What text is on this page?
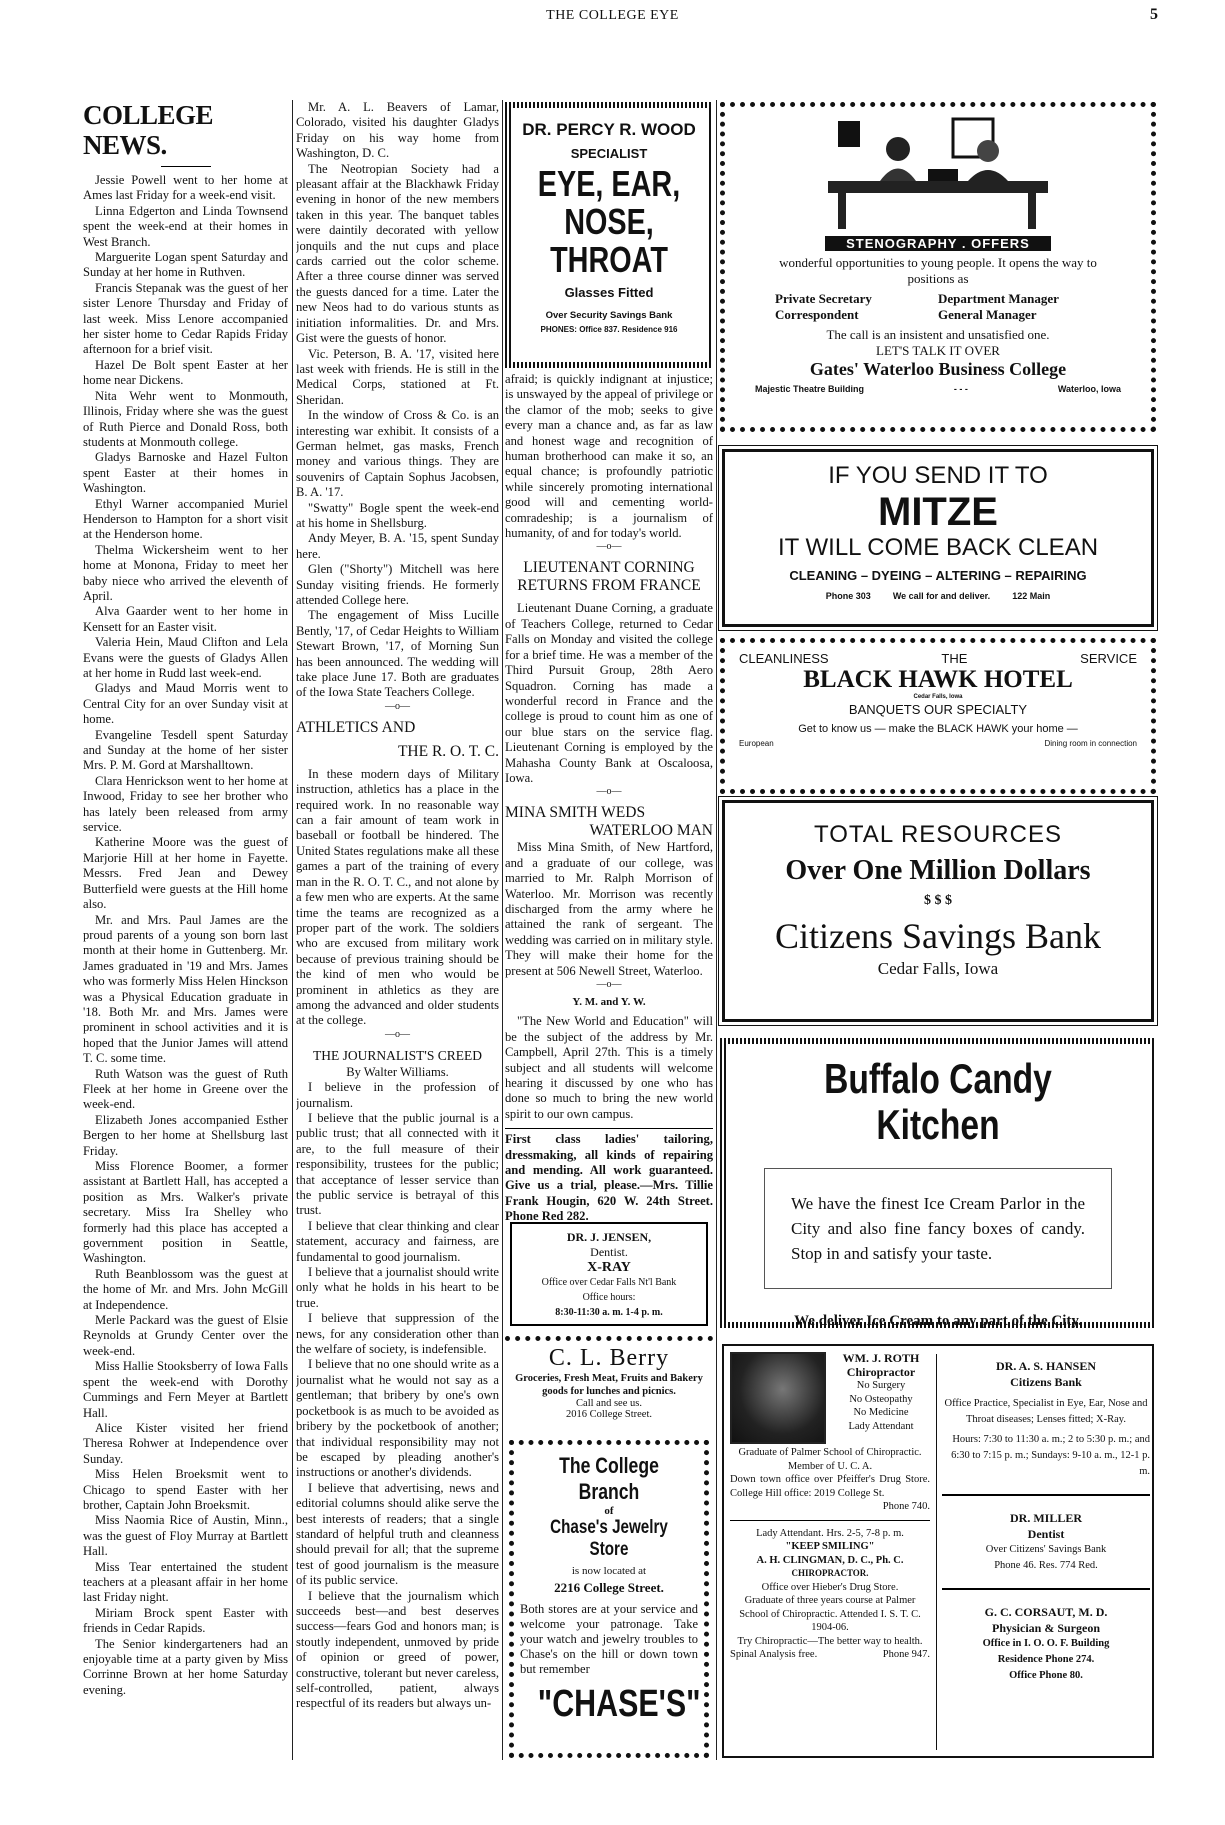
THE COLLEGE EYE	5
COLLEGE NEWS.

Jessie Powell went to her home at Ames last Friday for a week-end visit.

Linna Edgerton and Linda Townsend spent the week-end at their homes in West Branch.

Marguerite Logan spent Saturday and Sunday at her home in Ruthven.

Francis Stepanak was the guest of her sister Lenore Thursday and Friday of last week. Miss Lenore accompanied her sister home to Cedar Rapids Friday afternoon for a brief visit.

Hazel De Bolt spent Easter at her home near Dickens.

Nita Wehr went to Monmouth, Illinois, Friday where she was the guest of Ruth Pierce and Donald Ross, both students at Monmouth college.

Gladys Barnoske and Hazel Fulton spent Easter at their homes in Washington.

Ethyl Warner accompanied Muriel Henderson to Hampton for a short visit at the Henderson home.

Thelma Wickersheim went to her home at Monona, Friday to meet her baby niece who arrived the eleventh of April.

Alva Gaarder went to her home in Kensett for an Easter visit.

Valeria Hein, Maud Clifton and Lela Evans were the guests of Gladys Allen at her home in Rudd last week-end.

Gladys and Maud Morris went to Central City for an over Sunday visit at home.

Evangeline Tesdell spent Saturday and Sunday at the home of her sister Mrs. P. M. Gord at Marshalltown.

Clara Henrickson went to her home at Inwood, Friday to see her brother who has lately been released from army service.

Katherine Moore was the guest of Marjorie Hill at her home in Fayette. Messrs. Fred Jean and Dewey Butterfield were guests at the Hill home also.

Mr. and Mrs. Paul James are the proud parents of a young son born last month at their home in Guttenberg. Mr. James graduated in '19 and Mrs. James who was formerly Miss Helen Hinckson was a Physical Education graduate in '18. Both Mr. and Mrs. James were prominent in school activities and it is hoped that the Junior James will attend T. C. some time.

Ruth Watson was the guest of Ruth Fleek at her home in Greene over the week-end.

Elizabeth Jones accompanied Esther Bergen to her home at Shellsburg last Friday.

Miss Florence Boomer, a former assistant at Bartlett Hall, has accepted a position as Mrs. Walker's private secretary. Miss Ira Shelley who formerly had this place has accepted a government position in Seattle, Washington.

Ruth Beanblossom was the guest at the home of Mr. and Mrs. John McGill at Independence.

Merle Packard was the guest of Elsie Reynolds at Grundy Center over the week-end.

Miss Hallie Stooksberry of Iowa Falls spent the week-end with Dorothy Cummings and Fern Meyer at Bartlett Hall.

Alice Kister visited her friend Theresa Rohwer at Independence over Sunday.

Miss Helen Broeksmit went to Chicago to spend Easter with her brother, Captain John Broeksmit.

Miss Naomia Rice of Austin, Minn., was the guest of Floy Murray at Bartlett Hall.

Miss Tear entertained the student teachers at a pleasant affair in her home last Friday night.

Miriam Brock spent Easter with friends in Cedar Rapids.

The Senior kindergarteners had an enjoyable time at a party given by Miss Corrinne Brown at her home Saturday evening.

Mr. A. L. Beavers of Lamar, Colorado, visited his daughter Gladys Friday on his way home from Washington, D. C.

The Neotropian Society had a pleasant affair at the Blackhawk Friday evening in honor of the new members taken in this year. The banquet tables were daintily decorated with yellow jonquils and the nut cups and place cards carried out the color scheme. After a three course dinner was served the guests danced for a time. Later the new Neos had to do various stunts as initiation informalities. Dr. and Mrs. Gist were the guests of honor.

Vic. Peterson, B. A. '17, visited here last week with friends. He is still in the Medical Corps, stationed at Ft. Sheridan.

In the window of Cross & Co. is an interesting war exhibit. It consists of a German helmet, gas masks, French money and various things. They are souvenirs of Captain Sophus Jacobsen, B. A. '17.

"Swatty" Bogle spent the week-end at his home in Shellsburg.

Andy Meyer, B. A. '15, spent Sunday here.

Glen ("Shorty") Mitchell was here Sunday visiting friends. He formerly attended College here.

The engagement of Miss Lucille Bently, '17, of Cedar Heights to William Stewart Brown, '17, of Morning Sun has been announced. The wedding will take place June 17. Both are graduates of the Iowa State Teachers College.

—o—
ATHLETICS AND
THE R. O. T. C.

In these modern days of Military instruction, athletics has a place in the required work. In no reasonable way can a fair amount of team work in baseball or football be hindered. The United States regulations make all these games a part of the training of every man in the R. O. T. C., and not alone by a few men who are experts. At the same time the teams are recognized as a proper part of the work. The soldiers who are excused from military work because of previous training should be the kind of men who would be prominent in athletics as they are among the advanced and older students at the college.

—o—
THE JOURNALIST'S CREED
By Walter Williams.

I believe in the profession of journalism.

I believe that the public journal is a public trust; that all connected with it are, to the full measure of their responsibility, trustees for the public; that acceptance of lesser service than the public service is betrayal of this trust.

I believe that clear thinking and clear statement, accuracy and fairness, are fundamental to good journalism.

I believe that a journalist should write only what he holds in his heart to be true.

I believe that suppression of the news, for any consideration other than the welfare of society, is indefensible.

I believe that no one should write as a journalist what he would not say as a gentleman; that bribery by one's own pocketbook is as much to be avoided as bribery by the pocketbook of another; that individual responsibility may not be escaped by pleading another's instructions or another's dividends.

I believe that advertising, news and editorial columns should alike serve the best interests of readers; that a single standard of helpful truth and cleanness should prevail for all; that the supreme test of good journalism is the measure of its public service.

I believe that the journalism which succeeds best—and best deserves success—fears God and honors man; is stoutly independent, unmoved by pride of opinion or greed of power, constructive, tolerant but never careless, self-controlled, patient, always respectful of its readers but always un-

DR. PERCY R. WOOD
SPECIALIST
EYE, EAR,
NOSE,
THROAT
Glasses Fitted
Over Security Savings Bank
PHONES: Office 837. Residence 916

afraid; is quickly indignant at injustice; is unswayed by the appeal of privilege or the clamor of the mob; seeks to give every man a chance and, as far as law and honest wage and recognition of human brotherhood can make it so, an equal chance; is profoundly patriotic while sincerely promoting international good will and cementing world-comradeship; is a journalism of humanity, of and for today's world.

—o—
LIEUTENANT CORNING RETURNS FROM FRANCE

Lieutenant Duane Corning, a graduate of Teachers College, returned to Cedar Falls on Monday and visited the college for a brief time. He was a member of the Third Pursuit Group, 28th Aero Squadron. Corning has made a wonderful record in France and the college is proud to count him as one of our blue stars on the service flag. Lieutenant Corning is employed by the Mahasha County Bank at Oscaloosa, Iowa.

—o—
MINA SMITH WEDS
WATERLOO MAN

Miss Mina Smith, of New Hartford, and a graduate of our college, was married to Mr. Ralph Morrison of Waterloo. Mr. Morrison was recently discharged from the army where he attained the rank of sergeant. The wedding was carried on in military style. They will make their home for the present at 506 Newell Street, Waterloo.

—o—
Y. M. and Y. W.

"The New World and Education" will be the subject of the address by Mr. Campbell, April 27th. This is a timely subject and all students will welcome hearing it discussed by one who has done so much to bring the new world spirit to our own campus.

First class ladies' tailoring, dressmaking, all kinds of repairing and mending. All work guaranteed. Give us a trial, please.—Mrs. Tillie Frank Hougin, 620 W. 24th Street. Phone Red 282.

DR. J. JENSEN,
Dentist.
X-RAY
Office over Cedar Falls Nt'l Bank
Office hours:
8:30-11:30 a. m. 1-4 p. m.
C. L. Berry
Groceries, Fresh Meat, Fruits and Bakery goods for lunches and picnics.
Call and see us.
2016 College Street.
The College Branch
of
Chase's Jewelry Store
is now located at
2216 College Street.
Both stores are at your service and welcome your patronage. Take your watch and jewelry troubles to Chase's on the hill or down town but remember
"CHASE'S"
STENOGRAPHY . OFFERS
wonderful opportunities to young people. It opens the way to positions as
Private Secretary	Department Manager
Correspondent	General Manager
The call is an insistent and unsatisfied one.
LET'S TALK IT OVER
Gates' Waterloo Business College
Majestic Theatre Building	- - -	Waterloo, Iowa
IF YOU SEND IT TO
MITZE
IT WILL COME BACK CLEAN
CLEANING – DYEING – ALTERING – REPAIRING
Phone 303 We call for and deliver. 122 Main
CLEANLINESS	THE	SERVICE
BLACK HAWK HOTEL
Cedar Falls, Iowa
BANQUETS OUR SPECIALTY
Get to know us — make the BLACK HAWK your home —
European	Dining room in connection
TOTAL RESOURCES
Over One Million Dollars
$ $ $
Citizens Savings Bank
Cedar Falls, Iowa
Buffalo Candy Kitchen
We have the finest Ice Cream Parlor in the City and also fine fancy boxes of candy. Stop in and satisfy your taste.
We deliver Ice Cream to any part of the City.
WM. J. ROTH
Chiropractor
No Surgery
No Osteopathy
No Medicine
Lady Attendant
Graduate of Palmer School of Chiropractic.
Member of U. C. A.
Down town office over Pfeiffer's Drug Store. College Hill office: 2019 College St.
Phone 740.
Lady Attendant. Hrs. 2-5, 7-8 p. m.
"KEEP SMILING"
A. H. CLINGMAN, D. C., Ph. C.
CHIROPRACTOR.
Office over Hieber's Drug Store.
Graduate of three years course at Palmer School of Chiropractic. Attended I. S. T. C. 1904-06.
Try Chiropractic—The better way to health.
Spinal Analysis free.	Phone 947.
DR. A. S. HANSEN
Citizens Bank
Office Practice, Specialist in Eye, Ear, Nose and Throat diseases; Lenses fitted; X-Ray.
Hours: 7:30 to 11:30 a. m.; 2 to 5:30 p. m.; and 6:30 to 7:15 p. m.; Sundays: 9-10 a. m., 12-1 p. m.
DR. MILLER
Dentist
Over Citizens' Savings Bank
Phone 46. Res. 774 Red.
G. C. CORSAUT, M. D.
Physician & Surgeon
Office in I. O. O. F. Building
Residence Phone 274.
Office Phone 80.
